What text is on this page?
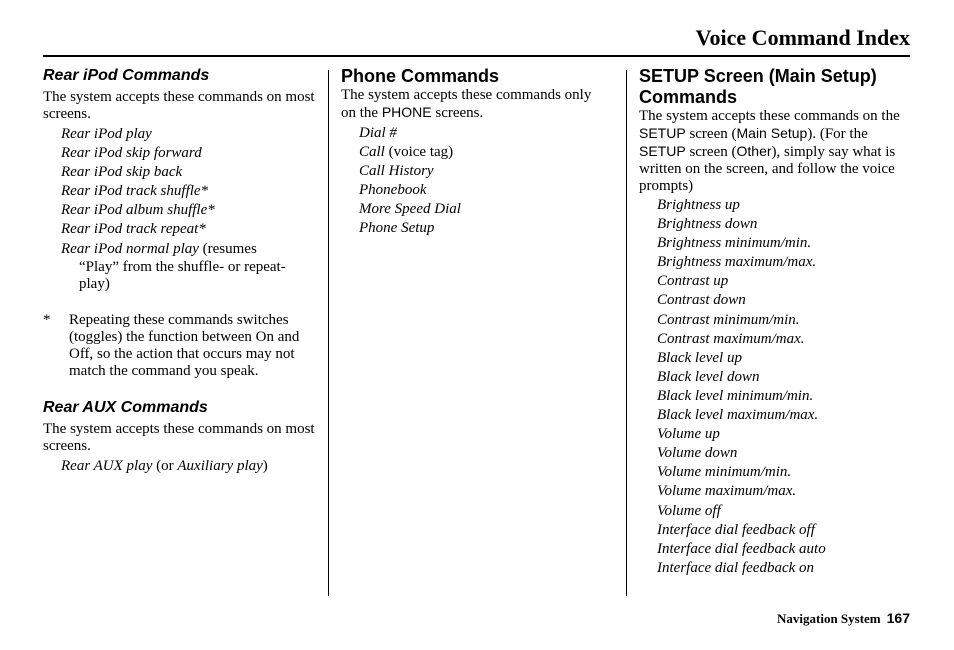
Voice Command Index
Rear iPod Commands

The system accepts these commands on most screens.

Rear iPod play
Rear iPod skip forward
Rear iPod skip back
Rear iPod track shuffle*
Rear iPod album shuffle*
Rear iPod track repeat*
Rear iPod normal play (resumes
“Play” from the shuffle- or repeat-play)
*	Repeating these commands switches (toggles) the function between On and Off, so the action that occurs may not match the command you speak.
Rear AUX Commands

The system accepts these commands on most screens.

Rear AUX play (or Auxiliary play)
Phone Commands

The system accepts these commands only on the PHONE screens.

Dial #
Call (voice tag)
Call History
Phonebook
More Speed Dial
Phone Setup
SETUP Screen (Main Setup) Commands

The system accepts these commands on the SETUP screen (Main Setup). (For the SETUP screen (Other), simply say what is written on the screen, and follow the voice prompts)

Brightness up
Brightness down
Brightness minimum/min.
Brightness maximum/max.
Contrast up
Contrast down
Contrast minimum/min.
Contrast maximum/max.
Black level up
Black level down
Black level minimum/min.
Black level maximum/max.
Volume up
Volume down
Volume minimum/min.
Volume maximum/max.
Volume off
Interface dial feedback off
Interface dial feedback auto
Interface dial feedback on
Navigation System 167
